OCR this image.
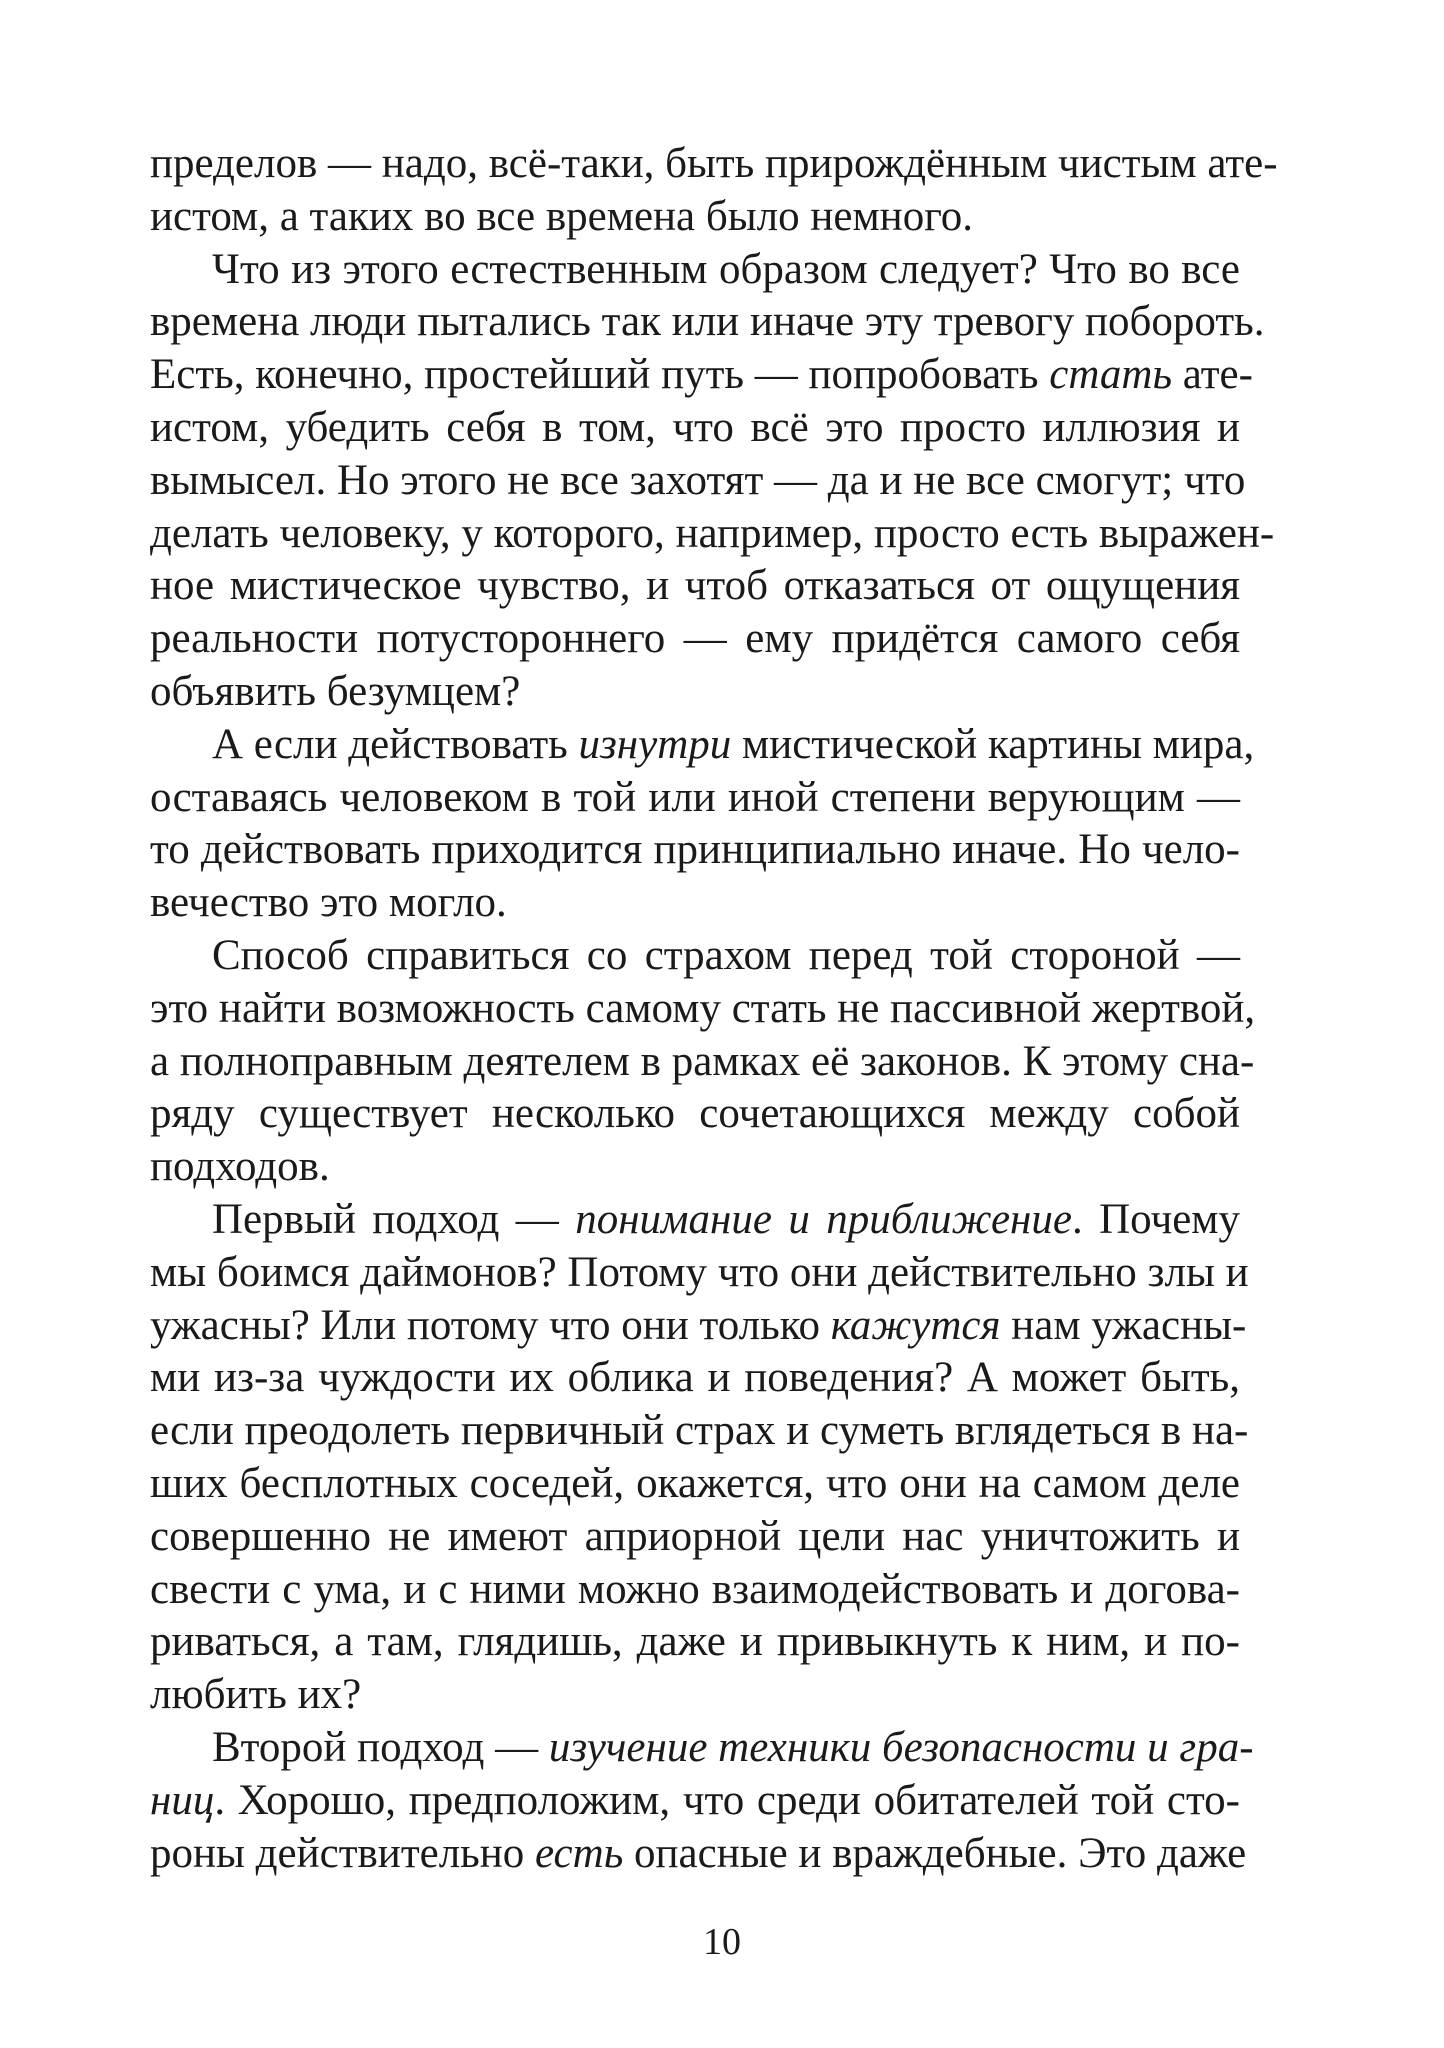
пределов — надо, всё-таки, быть прирождённым чистым ате-
истом, а таких во все времена было немного.
Что из этого естественным образом следует? Что во все
времена люди пытались так или иначе эту тревогу побороть.
Есть, конечно, простейший путь — попробовать стать ате-
истом, убедить себя в том, что всё это просто иллюзия и
вымысел. Но этого не все захотят — да и не все смогут; что
делать человеку, у которого, например, просто есть выражен-
ное мистическое чувство, и чтоб отказаться от ощущения
реальности потустороннего — ему придётся самого себя
объявить безумцем?
А если действовать изнутри мистической картины мира,
оставаясь человеком в той или иной степени верующим —
то действовать приходится принципиально иначе. Но чело-
вечество это могло.
Способ справиться со страхом перед той стороной —
это найти возможность самому стать не пассивной жертвой,
а полноправным деятелем в рамках её законов. К этому сна-
ряду существует несколько сочетающихся между собой
подходов.
Первый подход — понимание и приближение. Почему
мы боимся даймонов? Потому что они действительно злы и
ужасны? Или потому что они только кажутся нам ужасны-
ми из-за чуждости их облика и поведения? А может быть,
если преодолеть первичный страх и суметь вглядеться в на-
ших бесплотных соседей, окажется, что они на самом деле
совершенно не имеют априорной цели нас уничтожить и
свести с ума, и с ними можно взаимодействовать и догова-
риваться, а там, глядишь, даже и привыкнуть к ним, и по-
любить их?
Второй подход — изучение техники безопасности и гра-
ниц. Хорошо, предположим, что среди обитателей той сто-
роны действительно есть опасные и враждебные. Это даже
10
